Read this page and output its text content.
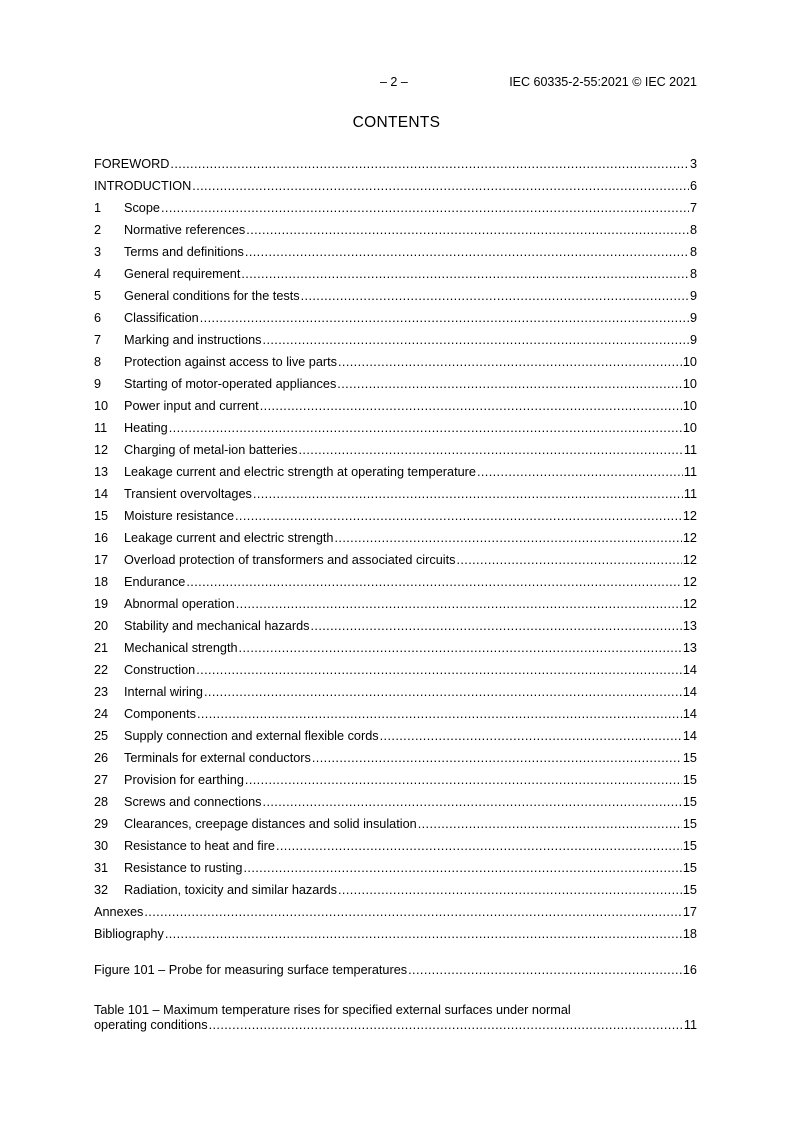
– 2 –	IEC 60335-2-55:2021 © IEC 2021
CONTENTS
FOREWORD .....	3
INTRODUCTION .....	6
1	Scope .....	7
2	Normative references .....	8
3	Terms and definitions .....	8
4	General requirement .....	8
5	General conditions for the tests .....	9
6	Classification .....	9
7	Marking and instructions .....	9
8	Protection against access to live parts .....	10
9	Starting of motor-operated appliances .....	10
10	Power input and current .....	10
11	Heating .....	10
12	Charging of metal-ion batteries .....	11
13	Leakage current and electric strength at operating temperature .....	11
14	Transient overvoltages .....	11
15	Moisture resistance .....	12
16	Leakage current and electric strength .....	12
17	Overload protection of transformers and associated circuits .....	12
18	Endurance .....	12
19	Abnormal operation .....	12
20	Stability and mechanical hazards .....	13
21	Mechanical strength .....	13
22	Construction .....	14
23	Internal wiring .....	14
24	Components .....	14
25	Supply connection and external flexible cords .....	14
26	Terminals for external conductors .....	15
27	Provision for earthing .....	15
28	Screws and connections .....	15
29	Clearances, creepage distances and solid insulation .....	15
30	Resistance to heat and fire .....	15
31	Resistance to rusting .....	15
32	Radiation, toxicity and similar hazards .....	15
Annexes .....	17
Bibliography .....	18
Figure 101 – Probe for measuring surface temperatures .....	16
Table 101 – Maximum temperature rises for specified external surfaces under normal
operating conditions .....	11
